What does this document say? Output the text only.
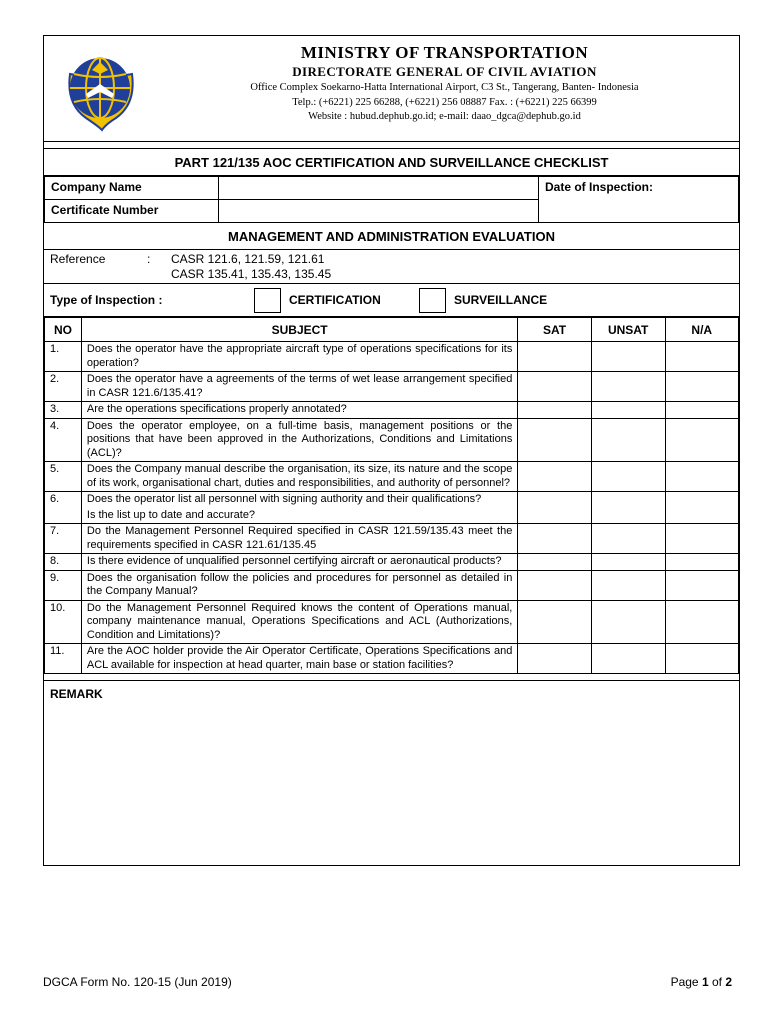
MINISTRY OF TRANSPORTATION
DIRECTORATE GENERAL OF CIVIL AVIATION
Office Complex Soekarno-Hatta International Airport, C3 St., Tangerang, Banten- Indonesia
Telp.: (+6221) 225 66288, (+6221) 256 08887 Fax. : (+6221) 225 66399
Website : hubud.dephub.go.id; e-mail: daao_dgca@dephub.go.id
PART 121/135 AOC CERTIFICATION AND SURVEILLANCE CHECKLIST
Company Name		Date of Inspection:
Certificate Number		
MANAGEMENT AND ADMINISTRATION EVALUATION
Reference	:	CASR 121.6, 121.59, 121.61
CASR 135.41, 135.43, 135.45
Type of Inspection :	CERTIFICATION	SURVEILLANCE
NO	SUBJECT	SAT	UNSAT	N/A
1.	Does the operator have the appropriate aircraft type of operations specifications for its operation?			

2.	Does the operator have a agreements of the terms of wet lease arrangement specified in CASR 121.6/135.41?			

3.	Are the operations specifications properly annotated?			

4.	Does the operator employee, on a full-time basis, management positions or the positions that have been approved in the Authorizations, Conditions and Limitations (ACL)?			

5.	Does the Company manual describe the organisation, its size, its nature and the scope of its work, organisational chart, duties and responsibilities, and authority of personnel?			

6.	Does the operator list all personnel with signing authority and their qualifications?
Is the list up to date and accurate?			

7.	Do the Management Personnel Required specified in CASR 121.59/135.43 meet the requirements specified in CASR 121.61/135.45			

8.	Is there evidence of unqualified personnel certifying aircraft or aeronautical products?			

9.	Does the organisation follow the policies and procedures for personnel as detailed in the Company Manual?			

10.	Do the Management Personnel Required knows the content of Operations manual, company maintenance manual, Operations Specifications and ACL (Authorizations, Condition and Limitations)?			

11.	Are the AOC holder provide the Air Operator Certificate, Operations Specifications and ACL available for inspection at head quarter, main base or station facilities?			

REMARK
DGCA Form No. 120-15 (Jun 2019)	Page 1 of 2
